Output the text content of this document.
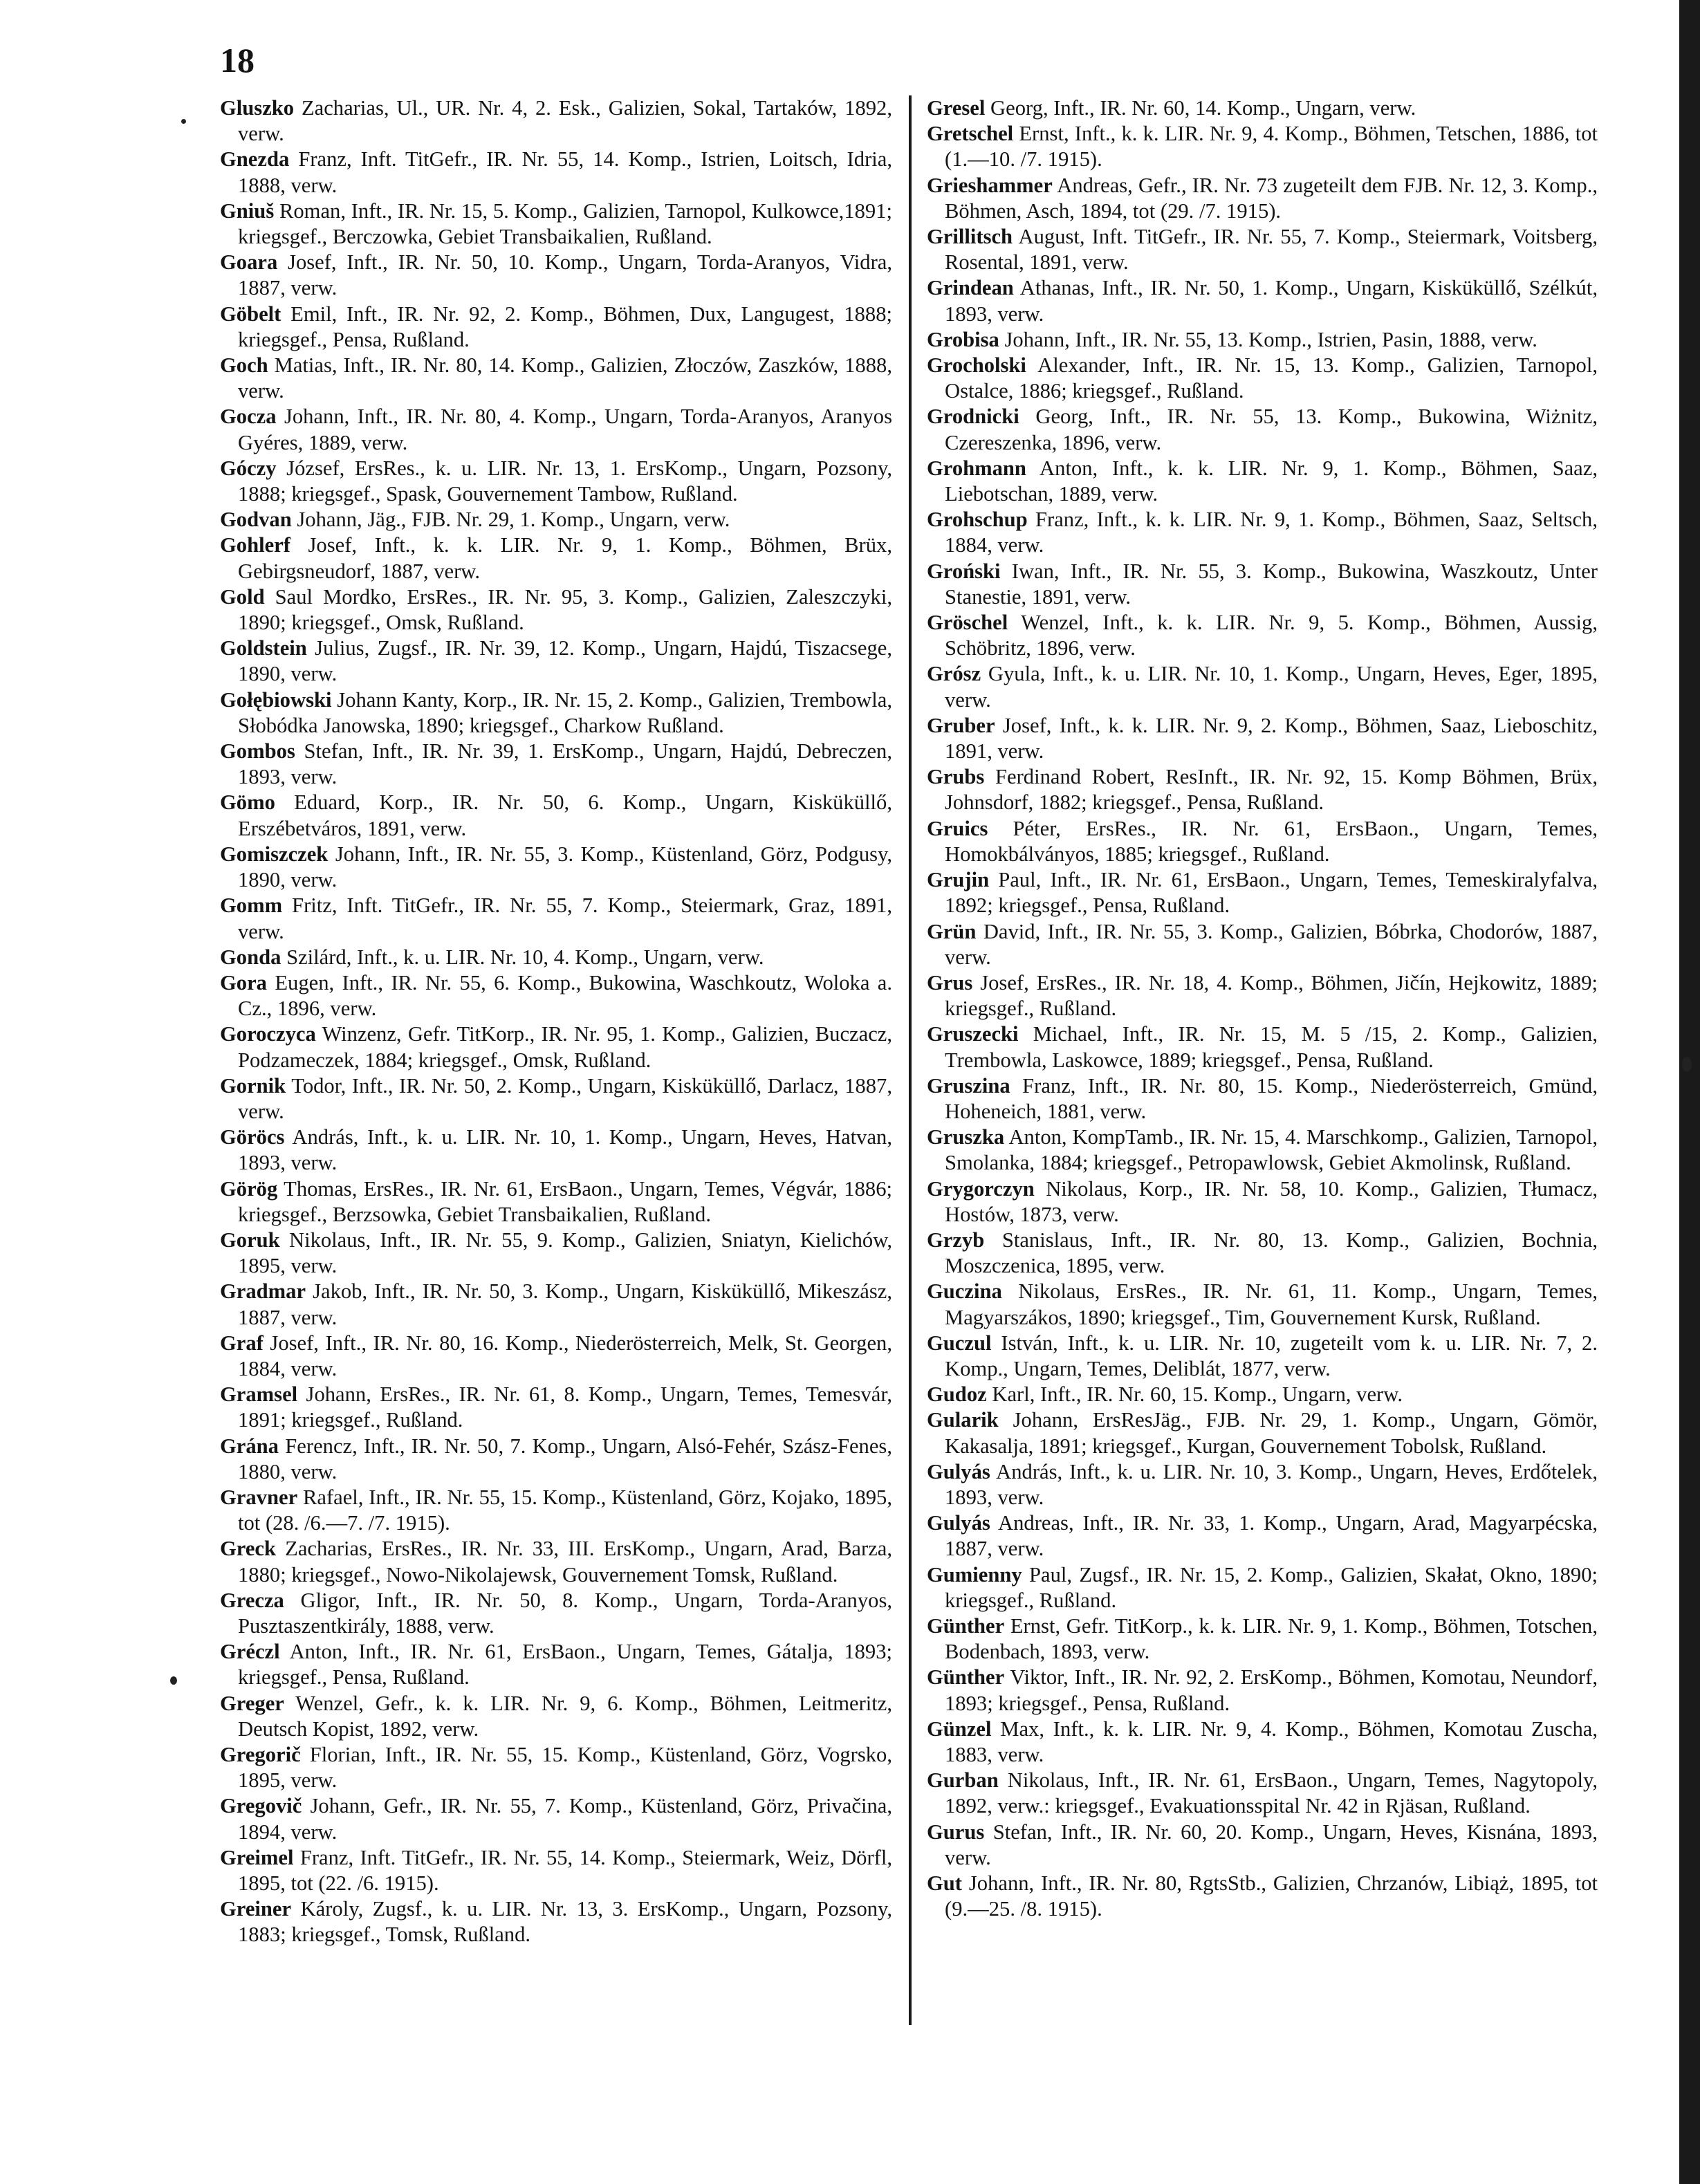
18

Gluszko Zacharias, Ul., UR. Nr. 4, 2. Esk., Galizien, Sokal, Tartaków, 1892, verw.

Gnezda Franz, Inft. TitGefr., IR. Nr. 55, 14. Komp., Istrien, Loitsch, Idria, 1888, verw.

Gniuš Roman, Inft., IR. Nr. 15, 5. Komp., Galizien, Tarnopol, Kulkowce,1891; kriegsgef., Berczowka, Gebiet Transbaikalien, Rußland.

Goara Josef, Inft., IR. Nr. 50, 10. Komp., Ungarn, Torda-Aranyos, Vidra, 1887, verw.

Göbelt Emil, Inft., IR. Nr. 92, 2. Komp., Böhmen, Dux, Langugest, 1888; kriegsgef., Pensa, Rußland.

Goch Matias, Inft., IR. Nr. 80, 14. Komp., Galizien, Złoczów, Zaszków, 1888, verw.

Gocza Johann, Inft., IR. Nr. 80, 4. Komp., Ungarn, Torda-Aranyos, Aranyos Gyéres, 1889, verw.

Góczy József, ErsRes., k. u. LIR. Nr. 13, 1. ErsKomp., Ungarn, Pozsony, 1888; kriegsgef., Spask, Gouvernement Tambow, Rußland.

Godvan Johann, Jäg., FJB. Nr. 29, 1. Komp., Ungarn, verw.

Gohlerf Josef, Inft., k. k. LIR. Nr. 9, 1. Komp., Böhmen, Brüx, Gebirgsneudorf, 1887, verw.

Gold Saul Mordko, ErsRes., IR. Nr. 95, 3. Komp., Galizien, Zaleszczyki, 1890; kriegsgef., Omsk, Rußland.

Goldstein Julius, Zugsf., IR. Nr. 39, 12. Komp., Ungarn, Hajdú, Tiszacsege, 1890, verw.

Gołębiowski Johann Kanty, Korp., IR. Nr. 15, 2. Komp., Galizien, Trembowla, Słobódka Janowska, 1890; kriegsgef., Charkow Rußland.

Gombos Stefan, Inft., IR. Nr. 39, 1. ErsKomp., Ungarn, Hajdú, Debreczen, 1893, verw.

Gömo Eduard, Korp., IR. Nr. 50, 6. Komp., Ungarn, Kisküküllő, Erszébetváros, 1891, verw.

Gomiszczek Johann, Inft., IR. Nr. 55, 3. Komp., Küstenland, Görz, Podgusy, 1890, verw.

Gomm Fritz, Inft. TitGefr., IR. Nr. 55, 7. Komp., Steiermark, Graz, 1891, verw.

Gonda Szilárd, Inft., k. u. LIR. Nr. 10, 4. Komp., Ungarn, verw.

Gora Eugen, Inft., IR. Nr. 55, 6. Komp., Bukowina, Waschkoutz, Woloka a. Cz., 1896, verw.

Goroczyca Winzenz, Gefr. TitKorp., IR. Nr. 95, 1. Komp., Galizien, Buczacz, Podzameczek, 1884; kriegsgef., Omsk, Rußland.

Gornik Todor, Inft., IR. Nr. 50, 2. Komp., Ungarn, Kisküküllő, Darlacz, 1887, verw.

Göröcs András, Inft., k. u. LIR. Nr. 10, 1. Komp., Ungarn, Heves, Hatvan, 1893, verw.

Görög Thomas, ErsRes., IR. Nr. 61, ErsBaon., Ungarn, Temes, Végvár, 1886; kriegsgef., Berzsowka, Gebiet Transbaikalien, Rußland.

Goruk Nikolaus, Inft., IR. Nr. 55, 9. Komp., Galizien, Sniatyn, Kielichów, 1895, verw.

Gradmar Jakob, Inft., IR. Nr. 50, 3. Komp., Ungarn, Kisküküllő, Mikeszász, 1887, verw.

Graf Josef, Inft., IR. Nr. 80, 16. Komp., Niederösterreich, Melk, St. Georgen, 1884, verw.

Gramsel Johann, ErsRes., IR. Nr. 61, 8. Komp., Ungarn, Temes, Temesvár, 1891; kriegsgef., Rußland.

Grána Ferencz, Inft., IR. Nr. 50, 7. Komp., Ungarn, Alsó-Fehér, Szász-Fenes, 1880, verw.

Gravner Rafael, Inft., IR. Nr. 55, 15. Komp., Küstenland, Görz, Kojako, 1895, tot (28. /6.—7. /7. 1915).

Greck Zacharias, ErsRes., IR. Nr. 33, III. ErsKomp., Ungarn, Arad, Barza, 1880; kriegsgef., Nowo-Nikolajewsk, Gouvernement Tomsk, Rußland.

Grecza Gligor, Inft., IR. Nr. 50, 8. Komp., Ungarn, Torda-Aranyos, Pusztaszentkirály, 1888, verw.

Gréczl Anton, Inft., IR. Nr. 61, ErsBaon., Ungarn, Temes, Gátalja, 1893; kriegsgef., Pensa, Rußland.

Greger Wenzel, Gefr., k. k. LIR. Nr. 9, 6. Komp., Böhmen, Leitmeritz, Deutsch Kopist, 1892, verw.

Gregorič Florian, Inft., IR. Nr. 55, 15. Komp., Küstenland, Görz, Vogrsko, 1895, verw.

Gregovič Johann, Gefr., IR. Nr. 55, 7. Komp., Küstenland, Görz, Privačina, 1894, verw.

Greimel Franz, Inft. TitGefr., IR. Nr. 55, 14. Komp., Steiermark, Weiz, Dörfl, 1895, tot (22. /6. 1915).

Greiner Károly, Zugsf., k. u. LIR. Nr. 13, 3. ErsKomp., Ungarn, Pozsony, 1883; kriegsgef., Tomsk, Rußland.

Gresel Georg, Inft., IR. Nr. 60, 14. Komp., Ungarn, verw.

Gretschel Ernst, Inft., k. k. LIR. Nr. 9, 4. Komp., Böhmen, Tetschen, 1886, tot (1.—10. /7. 1915).

Grieshammer Andreas, Gefr., IR. Nr. 73 zugeteilt dem FJB. Nr. 12, 3. Komp., Böhmen, Asch, 1894, tot (29. /7. 1915).

Grillitsch August, Inft. TitGefr., IR. Nr. 55, 7. Komp., Steiermark, Voitsberg, Rosental, 1891, verw.

Grindean Athanas, Inft., IR. Nr. 50, 1. Komp., Ungarn, Kisküküllő, Szélkút, 1893, verw.

Grobisa Johann, Inft., IR. Nr. 55, 13. Komp., Istrien, Pasin, 1888, verw.

Grocholski Alexander, Inft., IR. Nr. 15, 13. Komp., Galizien, Tarnopol, Ostalce, 1886; kriegsgef., Rußland.

Grodnicki Georg, Inft., IR. Nr. 55, 13. Komp., Bukowina, Wiżnitz, Czereszenka, 1896, verw.

Grohmann Anton, Inft., k. k. LIR. Nr. 9, 1. Komp., Böhmen, Saaz, Liebotschan, 1889, verw.

Grohschup Franz, Inft., k. k. LIR. Nr. 9, 1. Komp., Böhmen, Saaz, Seltsch, 1884, verw.

Groński Iwan, Inft., IR. Nr. 55, 3. Komp., Bukowina, Waszkoutz, Unter Stanestie, 1891, verw.

Gröschel Wenzel, Inft., k. k. LIR. Nr. 9, 5. Komp., Böhmen, Aussig, Schöbritz, 1896, verw.

Grósz Gyula, Inft., k. u. LIR. Nr. 10, 1. Komp., Ungarn, Heves, Eger, 1895, verw.

Gruber Josef, Inft., k. k. LIR. Nr. 9, 2. Komp., Böhmen, Saaz, Lieboschitz, 1891, verw.

Grubs Ferdinand Robert, ResInft., IR. Nr. 92, 15. Komp Böhmen, Brüx, Johnsdorf, 1882; kriegsgef., Pensa, Rußland.

Gruics Péter, ErsRes., IR. Nr. 61, ErsBaon., Ungarn, Temes, Homokbálványos, 1885; kriegsgef., Rußland.

Grujin Paul, Inft., IR. Nr. 61, ErsBaon., Ungarn, Temes, Temeskiralyfalva, 1892; kriegsgef., Pensa, Rußland.

Grün David, Inft., IR. Nr. 55, 3. Komp., Galizien, Bóbrka, Chodorów, 1887, verw.

Grus Josef, ErsRes., IR. Nr. 18, 4. Komp., Böhmen, Jičín, Hejkowitz, 1889; kriegsgef., Rußland.

Gruszecki Michael, Inft., IR. Nr. 15, M. 5 /15, 2. Komp., Galizien, Trembowla, Laskowce, 1889; kriegsgef., Pensa, Rußland.

Gruszina Franz, Inft., IR. Nr. 80, 15. Komp., Niederösterreich, Gmünd, Hoheneich, 1881, verw.

Gruszka Anton, KompTamb., IR. Nr. 15, 4. Marschkomp., Galizien, Tarnopol, Smolanka, 1884; kriegsgef., Petropawlowsk, Gebiet Akmolinsk, Rußland.

Grygorczyn Nikolaus, Korp., IR. Nr. 58, 10. Komp., Galizien, Tłumacz, Hostów, 1873, verw.

Grzyb Stanislaus, Inft., IR. Nr. 80, 13. Komp., Galizien, Bochnia, Moszczenica, 1895, verw.

Guczina Nikolaus, ErsRes., IR. Nr. 61, 11. Komp., Ungarn, Temes, Magyarszákos, 1890; kriegsgef., Tim, Gouvernement Kursk, Rußland.

Guczul István, Inft., k. u. LIR. Nr. 10, zugeteilt vom k. u. LIR. Nr. 7, 2. Komp., Ungarn, Temes, Deliblát, 1877, verw.

Gudoz Karl, Inft., IR. Nr. 60, 15. Komp., Ungarn, verw.

Gularik Johann, ErsResJäg., FJB. Nr. 29, 1. Komp., Ungarn, Gömör, Kakasalja, 1891; kriegsgef., Kurgan, Gouvernement Tobolsk, Rußland.

Gulyás András, Inft., k. u. LIR. Nr. 10, 3. Komp., Ungarn, Heves, Erdőtelek, 1893, verw.

Gulyás Andreas, Inft., IR. Nr. 33, 1. Komp., Ungarn, Arad, Magyarpécska, 1887, verw.

Gumienny Paul, Zugsf., IR. Nr. 15, 2. Komp., Galizien, Skałat, Okno, 1890; kriegsgef., Rußland.

Günther Ernst, Gefr. TitKorp., k. k. LIR. Nr. 9, 1. Komp., Böhmen, Totschen, Bodenbach, 1893, verw.

Günther Viktor, Inft., IR. Nr. 92, 2. ErsKomp., Böhmen, Komotau, Neundorf, 1893; kriegsgef., Pensa, Rußland.

Günzel Max, Inft., k. k. LIR. Nr. 9, 4. Komp., Böhmen, Komotau Zuscha, 1883, verw.

Gurban Nikolaus, Inft., IR. Nr. 61, ErsBaon., Ungarn, Temes, Nagytopoly, 1892, verw.: kriegsgef., Evakuationsspital Nr. 42 in Rjäsan, Rußland.

Gurus Stefan, Inft., IR. Nr. 60, 20. Komp., Ungarn, Heves, Kisnána, 1893, verw.

Gut Johann, Inft., IR. Nr. 80, RgtsStb., Galizien, Chrzanów, Libiąż, 1895, tot (9.—25. /8. 1915).
